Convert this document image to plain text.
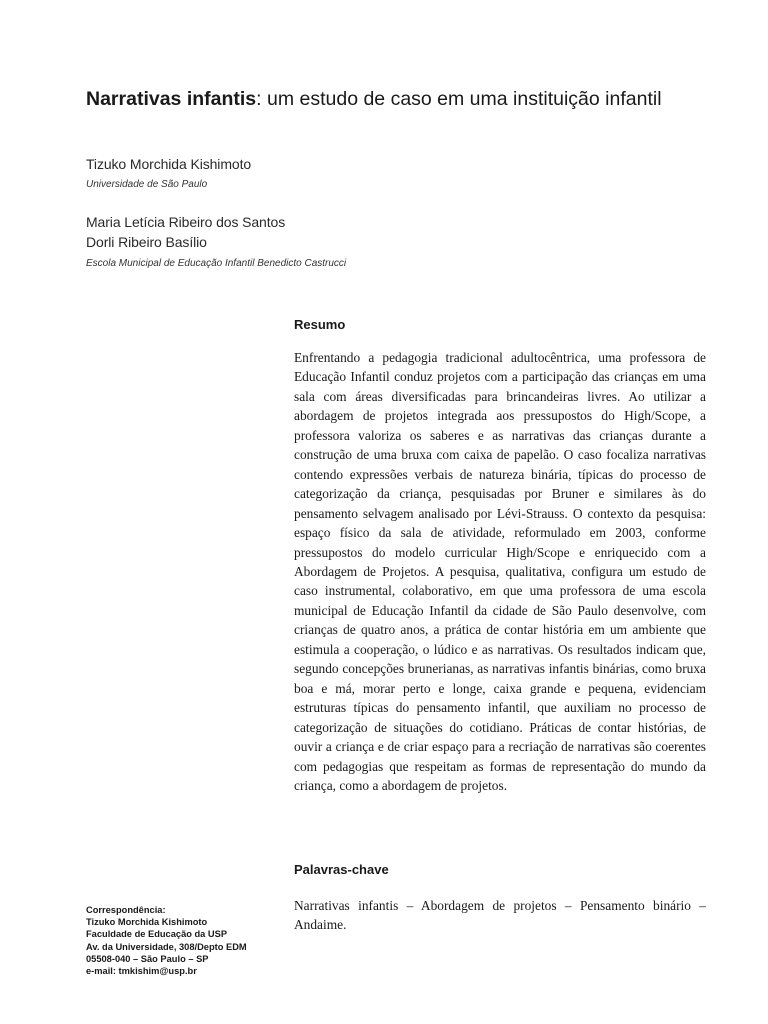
Narrativas infantis: um estudo de caso em uma instituição infantil
Tizuko Morchida Kishimoto
Universidade de São Paulo
Maria Letícia Ribeiro dos Santos
Dorli Ribeiro Basílio
Escola Municipal de Educação Infantil Benedicto Castrucci
Resumo

Enfrentando a pedagogia tradicional adultocêntrica, uma professora de Educação Infantil conduz projetos com a participação das crianças em uma sala com áreas diversificadas para brincandeiras livres. Ao utilizar a abordagem de projetos integrada aos pressupostos do High/Scope, a professora valoriza os saberes e as narrativas das crianças durante a construção de uma bruxa com caixa de papelão. O caso focaliza narrativas contendo expressões verbais de natureza binária, típicas do processo de categorização da criança, pesquisadas por Bruner e similares às do pensamento selvagem analisado por Lévi-Strauss. O contexto da pesquisa: espaço físico da sala de atividade, reformulado em 2003, conforme pressupostos do modelo curricular High/Scope e enriquecido com a Abordagem de Projetos. A pesquisa, qualitativa, configura um estudo de caso instrumental, colaborativo, em que uma professora de uma escola municipal de Educação Infantil da cidade de São Paulo desenvolve, com crianças de quatro anos, a prática de contar história em um ambiente que estimula a cooperação, o lúdico e as narrativas. Os resultados indicam que, segundo concepções brunerianas, as narrativas infantis binárias, como bruxa boa e má, morar perto e longe, caixa grande e pequena, evidenciam estruturas típicas do pensamento infantil, que auxiliam no processo de categorização de situações do cotidiano. Práticas de contar histórias, de ouvir a criança e de criar espaço para a recriação de narrativas são coerentes com pedagogias que respeitam as formas de representação do mundo da criança, como a abordagem de projetos.

Palavras-chave

Narrativas infantis – Abordagem de projetos – Pensamento binário – Andaime.

Correspondência:
Tizuko Morchida Kishimoto
Faculdade de Educação da USP
Av. da Universidade, 308/Depto EDM
05508-040 – São Paulo – SP
e-mail: tmkishim@usp.br
